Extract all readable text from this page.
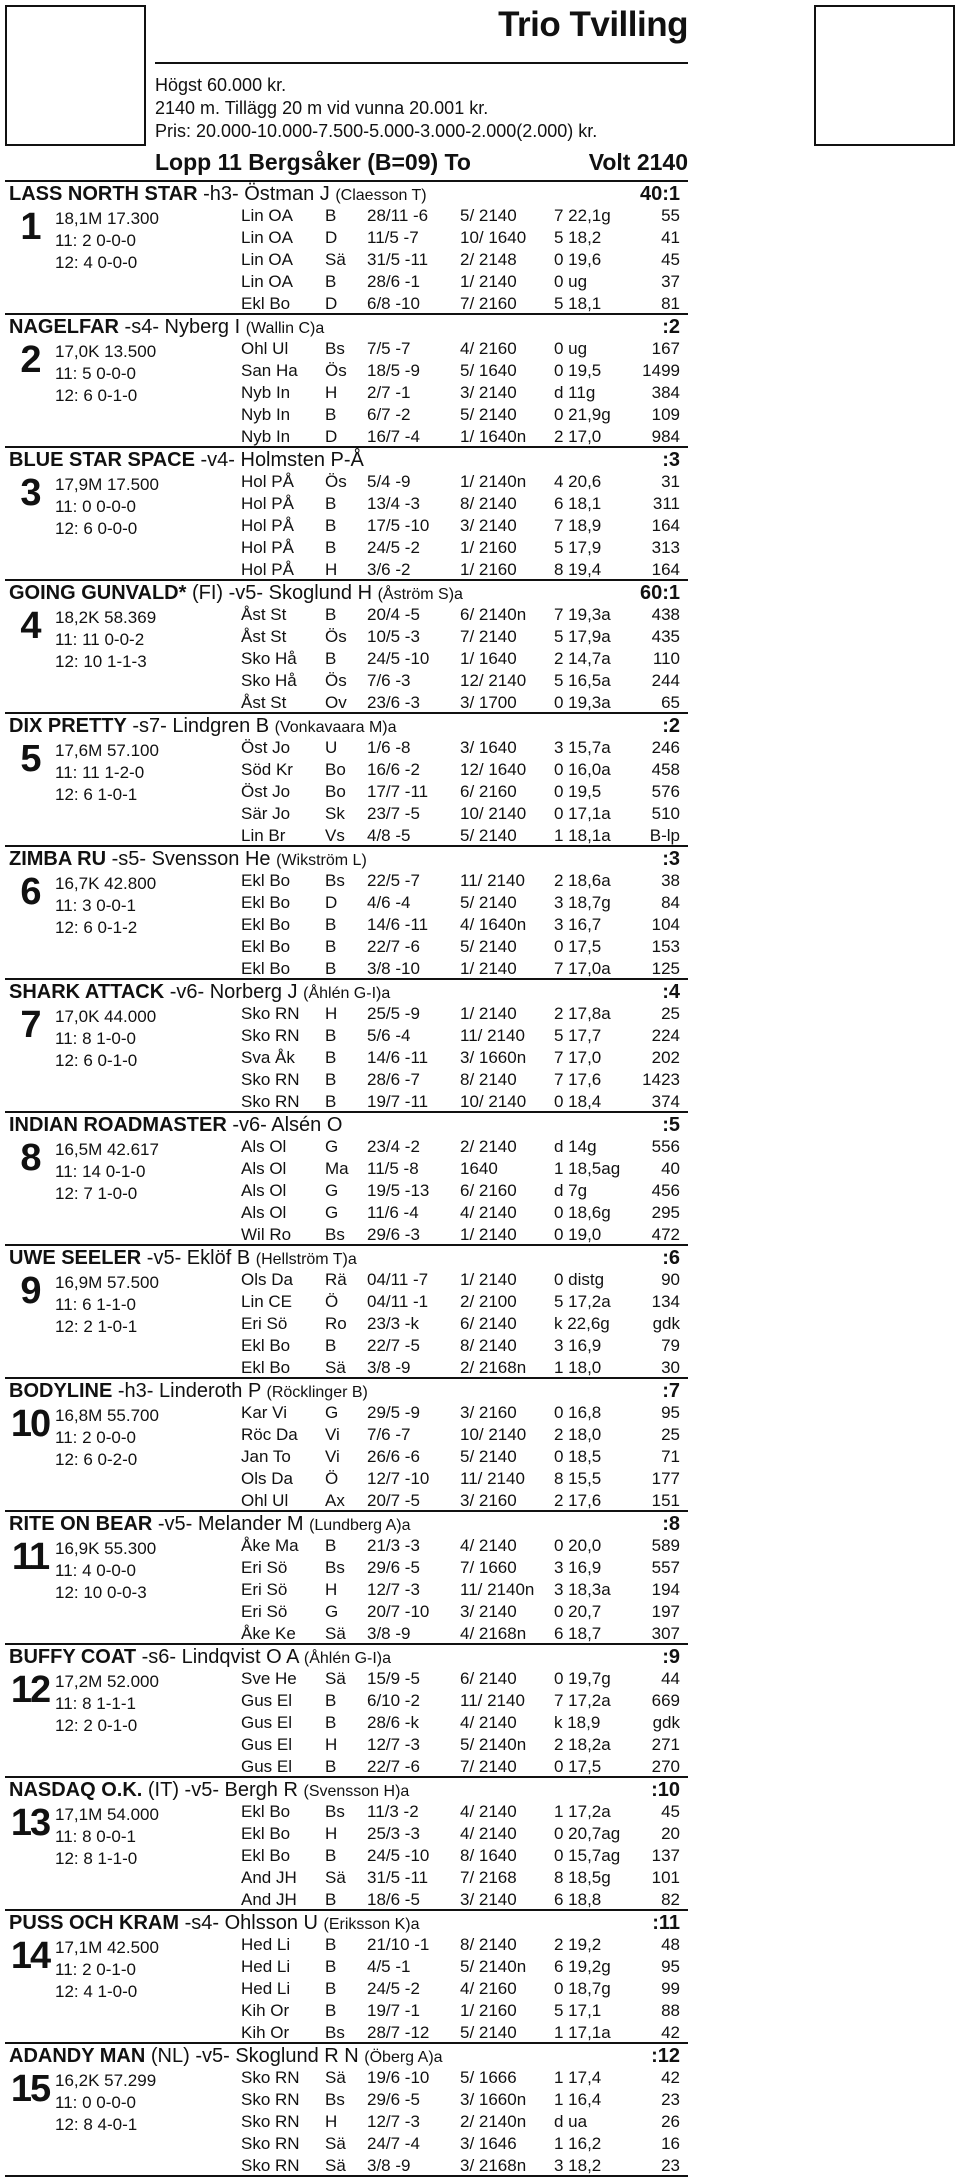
Trio Tvilling
Högst 60.000 kr.
2140 m. Tillägg 20 m vid vunna 20.001 kr.
Pris: 20.000-10.000-7.500-5.000-3.000-2.000(2.000) kr.
Lopp 11 Bergsåker (B=09) To	Volt 2140
LASS NORTH STAR -h3- Östman J (Claesson T)	40:1
1 18,1M 17.300
11: 2 0-0-0
12: 4 0-0-0
Lin OA B 28/11 -6 5/ 2140 7 22,1g	55
Lin OA D 11/5 -7 10/ 1640 5 18,2	41
Lin OA Sä 31/5 -11 2/ 2148 0 19,6	45
Lin OA B 28/6 -1 1/ 2140 0 ug	37
Ekl Bo D 6/8 -10 7/ 2160 5 18,1	81
NAGELFAR -s4- Nyberg I (Wallin C)a	:2
2 17,0K 13.500
11: 5 0-0-0
12: 6 0-1-0
Ohl Ul Bs 7/5 -7	4/ 2160 0 ug	167
San Ha Ös 18/5 -9 5/ 1640 0 19,5 1499
Nyb In H 2/7 -1	3/ 2140 d 11g	384
Nyb In B 6/7 -2	5/ 2140 0 21,9g 109
Nyb In D 16/7 -4 1/ 1640n 2 17,0	984
BLUE STAR SPACE -v4- Holmsten P-Å	:3
3 17,9M 17.500
11: 0 0-0-0
12: 6 0-0-0
Hol PÅ Ös 5/4 -9	1/ 2140n 4 20,6	31
Hol PÅ B 13/4 -3 8/ 2140 6 18,1	311
Hol PÅ B 17/5 -10 3/ 2140 7 18,9	164
Hol PÅ B 24/5 -2 1/ 2160 5 17,9	313
Hol PÅ H 3/6 -2	1/ 2160 8 19,4	164
GOING GUNVALD* (FI) -v5- Skoglund H (Åström S)a	60:1
4 18,2K 58.369
11: 11 0-0-2
12: 10 1-1-3
Åst St B 20/4 -5 6/ 2140n 7 19,3a 438
Åst St Ös 10/5 -3 7/ 2140 5 17,9a 435
Sko Hå B 24/5 -10 1/ 1640 2 14,7a 110
Sko Hå Ös 7/6 -3	12/ 2140 5 16,5a 244
Åst St Ov 23/6 -3 3/ 1700 0 19,3a	65
DIX PRETTY -s7- Lindgren B (Vonkavaara M)a	:2
5 17,6M 57.100
11: 11 1-2-0
12: 6 1-0-1
Öst Jo U 1/6 -8	3/ 1640 3 15,7a 246
Söd Kr Bo 16/6 -2 12/ 1640 0 16,0a 458
Öst Jo Bo 17/7 -11 6/ 2160 0 19,5	576
Sär Jo Sk 23/7 -5 10/ 2140 0 17,1a 510
Lin Br Vs 4/8 -5	5/ 2140 1 18,1a B-lp
ZIMBA RU -s5- Svensson He (Wikström L)	:3
6 16,7K 42.800
11: 3 0-0-1
12: 6 0-1-2
Ekl Bo Bs 22/5 -7 11/ 2140 2 18,6a	38
Ekl Bo D 4/6 -4	5/ 2140 3 18,7g	84
Ekl Bo B 14/6 -11 4/ 1640n 3 16,7	104
Ekl Bo B 22/7 -6 5/ 2140 0 17,5	153
Ekl Bo B 3/8 -10 1/ 2140 7 17,0a 125
SHARK ATTACK -v6- Norberg J (Åhlén G-I)a	:4
7 17,0K 44.000
11: 8 1-0-0
12: 6 0-1-0
Sko RN H 25/5 -9 1/ 2140 2 17,8a	25
Sko RN B 5/6 -4	11/ 2140 5 17,7	224
Sva Åk B 14/6 -11 3/ 1660n 7 17,0	202
Sko RN B 28/6 -7 8/ 2140 7 17,6 1423
Sko RN B 19/7 -11 10/ 2140 0 18,4	374
INDIAN ROADMASTER -v6- Alsén O	:5
8 16,5M 42.617
11: 14 0-1-0
12: 7 1-0-0
Als Ol G 23/4 -2 2/ 2140 d 14g	556
Als Ol Ma 11/5 -8 1640	1 18,5ag 40
Als Ol G 19/5 -13 6/ 2160 d 7g	456
Als Ol G 11/6 -4 4/ 2140 0 18,6g 295
Wil Ro Bs 29/6 -3 1/ 2140 0 19,0	472
UWE SEELER -v5- Eklöf B (Hellström T)a	:6
9 16,9M 57.500
11: 6 1-1-0
12: 2 1-0-1
Ols Da Rä 04/11 -7 1/ 2140 0 distg	90
Lin CE Ö 04/11 -1 2/ 2100 5 17,2a 134
Eri Sö Ro 23/3 -k 6/ 2140 k 22,6g	gdk
Ekl Bo B 22/7 -5 8/ 2140 3 16,9	79
Ekl Bo Sä 3/8 -9	2/ 2168n 1 18,0	30
BODYLINE -h3- Linderoth P (Röcklinger B)	:7
10 16,8M 55.700
11: 2 0-0-0
12: 6 0-2-0
Kar Vi G 29/5 -9 3/ 2160 0 16,8	95
Röc Da Vi 7/6 -7	10/ 2140 2 18,0	25
Jan To Vi 26/6 -6 5/ 2140 0 18,5	71
Ols Da Ö 12/7 -10 11/ 2140 8 15,5	177
Ohl Ul Ax 20/7 -5 3/ 2160 2 17,6	151
RITE ON BEAR -v5- Melander M (Lundberg A)a	:8
11 16,9K 55.300
11: 4 0-0-0
12: 10 0-0-3
Åke Ma B 21/3 -3 4/ 2140 0 20,0	589
Eri Sö Bs 29/6 -5 7/ 1660 3 16,9	557
Eri Sö H 12/7 -3 11/ 2140n 3 18,3a 194
Eri Sö G 20/7 -10 3/ 2140 0 20,7	197
Åke Ke Sä 3/8 -9	4/ 2168n 6 18,7	307
BUFFY COAT -s6- Lindqvist O A (Åhlén G-I)a	:9
12 17,2M 52.000
11: 8 1-1-1
12: 2 0-1-0
Sve He Sä 15/9 -5 6/ 2140 0 19,7g	44
Gus El B 6/10 -2 11/ 2140 7 17,2a 669
Gus El B 28/6 -k 4/ 2140 k 18,9	gdk
Gus El H 12/7 -3 5/ 2140n 2 18,2a 271
Gus El B 22/7 -6 7/ 2140 0 17,5	270
NASDAQ O.K. (IT) -v5- Bergh R (Svensson H)a	:10
13 17,1M 54.000
11: 8 0-0-1
12: 8 1-1-0
Ekl Bo Bs 11/3 -2 4/ 2140 1 17,2a	45
Ekl Bo H 25/3 -3 4/ 2140 0 20,7ag 20
Ekl Bo B 24/5 -10 8/ 1640 0 15,7ag 137
And JH Sä 31/5 -11 7/ 2168 8 18,5g 101
And JH B 18/6 -5 3/ 2140 6 18,8	82
PUSS OCH KRAM -s4- Ohlsson U (Eriksson K)a	:11
14 17,1M 42.500
11: 2 0-1-0
12: 4 1-0-0
Hed Li B 21/10 -1 8/ 2140 2 19,2	48
Hed Li B 4/5 -1	5/ 2140n 6 19,2g	95
Hed Li B 24/5 -2 4/ 2160 0 18,7g	99
Kih Or B 19/7 -1 1/ 2160 5 17,1	88
Kih Or Bs 28/7 -12 5/ 2140 1 17,1a	42
ADANDY MAN (NL) -v5- Skoglund R N (Öberg A)a	:12
15 16,2K 57.299
11: 0 0-0-0
12: 8 4-0-1
Sko RN Sä 19/6 -10 5/ 1666 1 17,4	42
Sko RN Bs 29/6 -5 3/ 1660n 1 16,4	23
Sko RN H 12/7 -3 2/ 2140n d ua	26
Sko RN Sä 24/7 -4 3/ 1646 1 16,2	16
Sko RN Sä 3/8 -9	3/ 2168n 3 18,2	23
